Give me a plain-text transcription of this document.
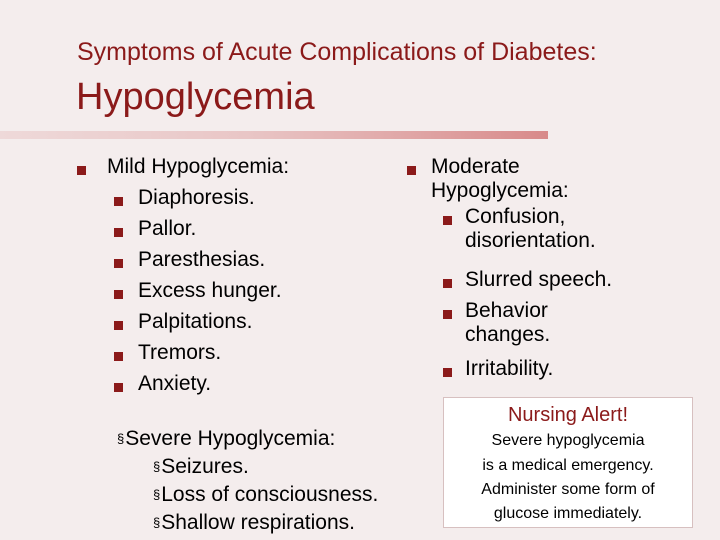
Symptoms of Acute Complications of Diabetes:
Hypoglycemia
Mild Hypoglycemia:
Diaphoresis.
Pallor.
Paresthesias.
Excess hunger.
Palpitations.
Tremors.
Anxiety.
Moderate
Hypoglycemia:
Confusion,
disorientation.
Slurred speech.
Behavior
changes.
Irritability.
§Severe Hypoglycemia:
§Seizures.
§Loss of consciousness.
§Shallow respirations.
Nursing Alert!
Severe hypoglycemia
is a medical emergency.
Administer some form of
glucose immediately.
